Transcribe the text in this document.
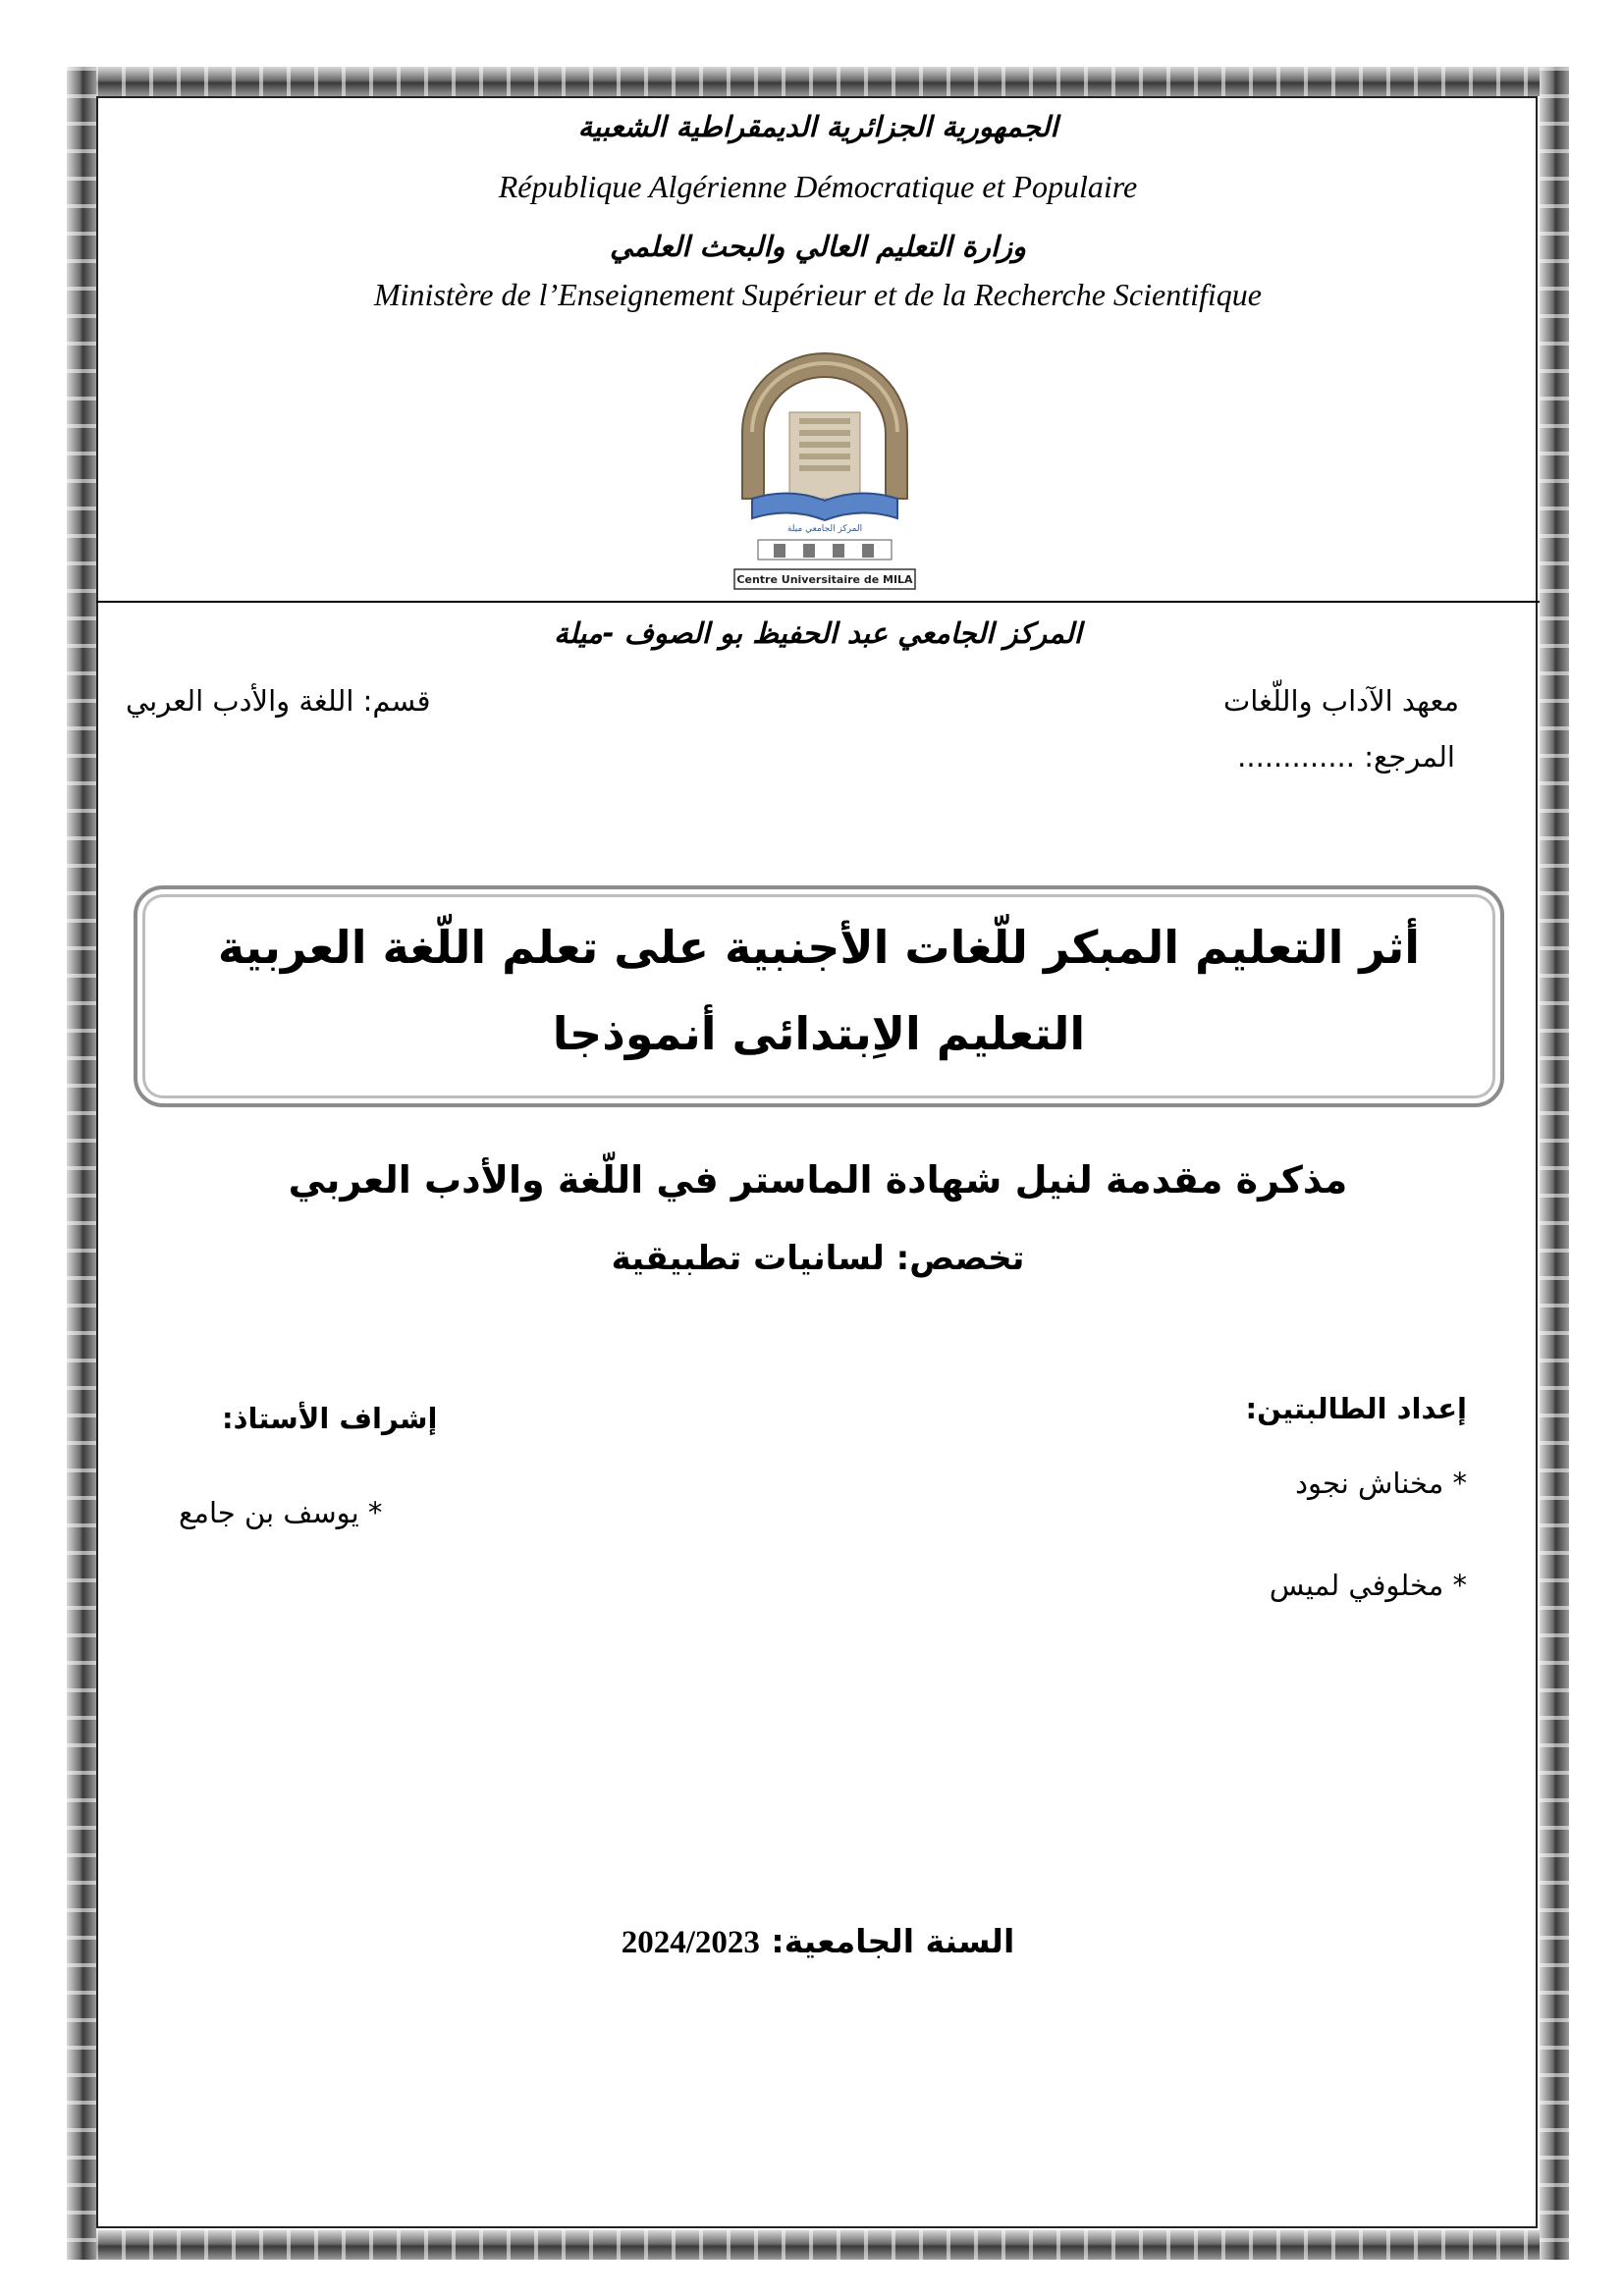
الجمهورية الجزائرية الديمقراطية الشعبية
République Algérienne Démocratique et Populaire
وزارة التعليم العالي والبحث العلمي
Ministère de l’Enseignement Supérieur et de la Recherche Scientifique
المركز الجامعي ميلة
Centre Universitaire de MILA
المركز الجامعي عبد الحفيظ بو الصوف -ميلة
معهد الآداب واللّغات
المرجع: .............
قسم: اللغة والأدب العربي
أثر التعليم المبكر للّغات الأجنبية على تعلم اللّغة العربية
التعليم الاِبتدائى أنموذجا
مذكرة مقدمة لنيل شهادة الماستر في اللّغة والأدب العربي
تخصص: لسانيات تطبيقية
إعداد الطالبتين:
* مخناش نجود
* مخلوفي لميس
إشراف الأستاذ:
* يوسف بن جامع
السنة الجامعية: 2024/2023
